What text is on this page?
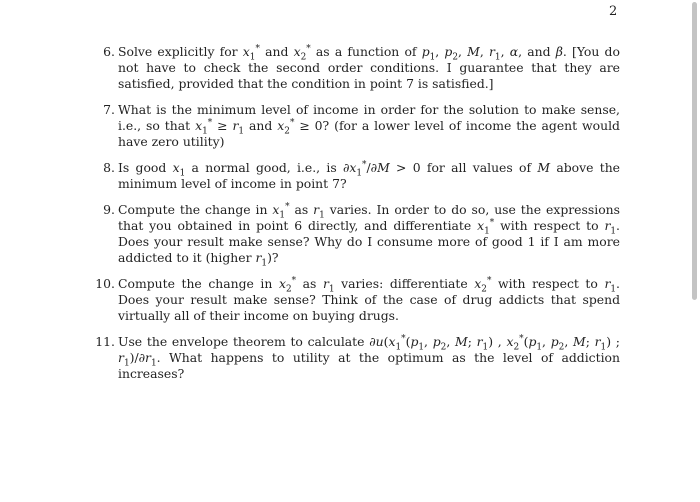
2
6. Solve explicitly for $x_1^*$ and $x_2^*$ as a function of $p_1$, $p_2$, M, $r_1$, α, and β. [You do not have to check the second order conditions. I guarantee that they are satisfied, provided that the condition in point 7 is satisfied.]
7. What is the minimum level of income in order for the solution to make sense, i.e., so that $x_1^* \ge r_1$ and $x_2^* \ge 0$? (for a lower level of income the agent would have zero utility)
8. Is good $x_1$ a normal good, i.e., is $\partial x_1^*/\partial M > 0$ for all values of M above the minimum level of income in point 7?
9. Compute the change in $x_1^*$ as $r_1$ varies. In order to do so, use the expressions that you obtained in point 6 directly, and differentiate $x_1^*$ with respect to $r_1$. Does your result make sense? Why do I consume more of good 1 if I am more addicted to it (higher $r_1$)?
10. Compute the change in $x_2^*$ as $r_1$ varies: differentiate $x_2^*$ with respect to $r_1$. Does your result make sense? Think of the case of drug addicts that spend virtually all of their income on buying drugs.
11. Use the envelope theorem to calculate $\partial u(x_1^*(p_1$, $p_2$, M; $r_1$) , $x_2^*(p_1$, $p_2$, M; $r_1$) ; $r_1)/\partial r_1$. What happens to utility at the optimum as the level of addiction increases?
